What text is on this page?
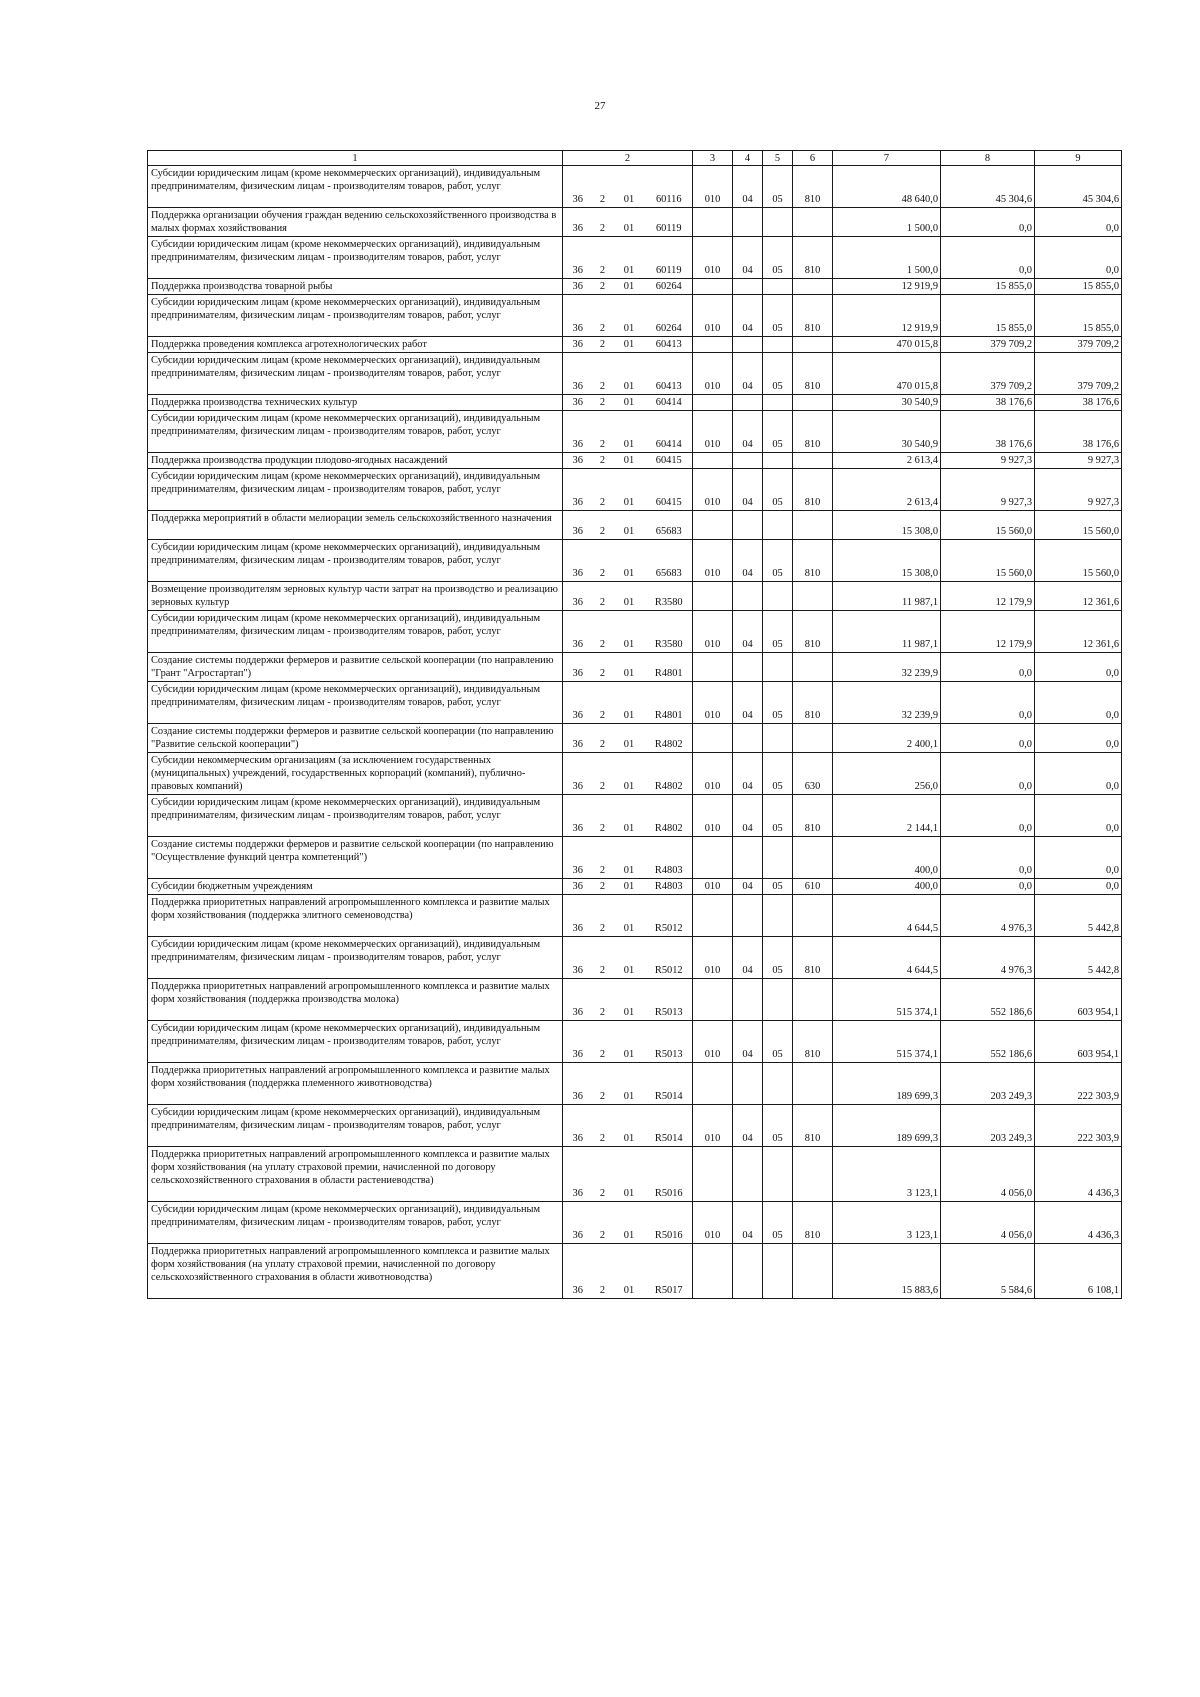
27
1	2				3	4	5	6	7	8	9
Субсидии юридическим лицам (кроме некоммерческих организаций), индивидуальным предпринимателям, физическим лицам - производителям товаров, работ, услуг	36	2	01	60116	010	04	05	810	48 640,0	45 304,6	45 304,6
Поддержка организации обучения граждан ведению сельскохозяйственного производства в малых формах хозяйствования	36	2	01	60119					1 500,0	0,0	0,0
Субсидии юридическим лицам (кроме некоммерческих организаций), индивидуальным предпринимателям, физическим лицам - производителям товаров, работ, услуг	36	2	01	60119	010	04	05	810	1 500,0	0,0	0,0
Поддержка производства товарной рыбы	36	2	01	60264					12 919,9	15 855,0	15 855,0
Субсидии юридическим лицам (кроме некоммерческих организаций), индивидуальным предпринимателям, физическим лицам - производителям товаров, работ, услуг	36	2	01	60264	010	04	05	810	12 919,9	15 855,0	15 855,0
Поддержка проведения комплекса агротехнологических работ	36	2	01	60413					470 015,8	379 709,2	379 709,2
Субсидии юридическим лицам (кроме некоммерческих организаций), индивидуальным предпринимателям, физическим лицам - производителям товаров, работ, услуг	36	2	01	60413	010	04	05	810	470 015,8	379 709,2	379 709,2
Поддержка производства технических культур	36	2	01	60414					30 540,9	38 176,6	38 176,6
Субсидии юридическим лицам (кроме некоммерческих организаций), индивидуальным предпринимателям, физическим лицам - производителям товаров, работ, услуг	36	2	01	60414	010	04	05	810	30 540,9	38 176,6	38 176,6
Поддержка производства продукции плодово-ягодных насаждений	36	2	01	60415					2 613,4	9 927,3	9 927,3
Субсидии юридическим лицам (кроме некоммерческих организаций), индивидуальным предпринимателям, физическим лицам - производителям товаров, работ, услуг	36	2	01	60415	010	04	05	810	2 613,4	9 927,3	9 927,3
Поддержка мероприятий в области мелиорации земель сельскохозяйственного назначения	36	2	01	65683					15 308,0	15 560,0	15 560,0
Субсидии юридическим лицам (кроме некоммерческих организаций), индивидуальным предпринимателям, физическим лицам - производителям товаров, работ, услуг	36	2	01	65683	010	04	05	810	15 308,0	15 560,0	15 560,0
Возмещение производителям зерновых культур части затрат на производство и реализацию зерновых культур	36	2	01	R3580					11 987,1	12 179,9	12 361,6
Субсидии юридическим лицам (кроме некоммерческих организаций), индивидуальным предпринимателям, физическим лицам - производителям товаров, работ, услуг	36	2	01	R3580	010	04	05	810	11 987,1	12 179,9	12 361,6
Создание системы поддержки фермеров и развитие сельской кооперации (по направлению "Грант "Агростартап")	36	2	01	R4801					32 239,9	0,0	0,0
Субсидии юридическим лицам (кроме некоммерческих организаций), индивидуальным предпринимателям, физическим лицам - производителям товаров, работ, услуг	36	2	01	R4801	010	04	05	810	32 239,9	0,0	0,0
Создание системы поддержки фермеров и развитие сельской кооперации (по направлению "Развитие сельской кооперации")	36	2	01	R4802					2 400,1	0,0	0,0
Субсидии некоммерческим организациям (за исключением государственных (муниципальных) учреждений, государственных корпораций (компаний), публично-правовых компаний)	36	2	01	R4802	010	04	05	630	256,0	0,0	0,0
Субсидии юридическим лицам (кроме некоммерческих организаций), индивидуальным предпринимателям, физическим лицам - производителям товаров, работ, услуг	36	2	01	R4802	010	04	05	810	2 144,1	0,0	0,0
Создание системы поддержки фермеров и развитие сельской кооперации (по направлению "Осуществление функций центра компетенций")	36	2	01	R4803					400,0	0,0	0,0
Субсидии бюджетным учреждениям	36	2	01	R4803	010	04	05	610	400,0	0,0	0,0
Поддержка приоритетных направлений агропромышленного комплекса и развитие малых форм хозяйствования (поддержка элитного семеноводства)	36	2	01	R5012					4 644,5	4 976,3	5 442,8
Субсидии юридическим лицам (кроме некоммерческих организаций), индивидуальным предпринимателям, физическим лицам - производителям товаров, работ, услуг	36	2	01	R5012	010	04	05	810	4 644,5	4 976,3	5 442,8
Поддержка приоритетных направлений агропромышленного комплекса и развитие малых форм хозяйствования (поддержка производства молока)	36	2	01	R5013					515 374,1	552 186,6	603 954,1
Субсидии юридическим лицам (кроме некоммерческих организаций), индивидуальным предпринимателям, физическим лицам - производителям товаров, работ, услуг	36	2	01	R5013	010	04	05	810	515 374,1	552 186,6	603 954,1
Поддержка приоритетных направлений агропромышленного комплекса и развитие малых форм хозяйствования (поддержка племенного животноводства)	36	2	01	R5014					189 699,3	203 249,3	222 303,9
Субсидии юридическим лицам (кроме некоммерческих организаций), индивидуальным предпринимателям, физическим лицам - производителям товаров, работ, услуг	36	2	01	R5014	010	04	05	810	189 699,3	203 249,3	222 303,9
Поддержка приоритетных направлений агропромышленного комплекса и развитие малых форм хозяйствования (на уплату страховой премии, начисленной по договору сельскохозяйственного страхования в области растениеводства)	36	2	01	R5016					3 123,1	4 056,0	4 436,3
Субсидии юридическим лицам (кроме некоммерческих организаций), индивидуальным предпринимателям, физическим лицам - производителям товаров, работ, услуг	36	2	01	R5016	010	04	05	810	3 123,1	4 056,0	4 436,3
Поддержка приоритетных направлений агропромышленного комплекса и развитие малых форм хозяйствования (на уплату страховой премии, начисленной по договору сельскохозяйственного страхования в области животноводства)	36	2	01	R5017					15 883,6	5 584,6	6 108,1
